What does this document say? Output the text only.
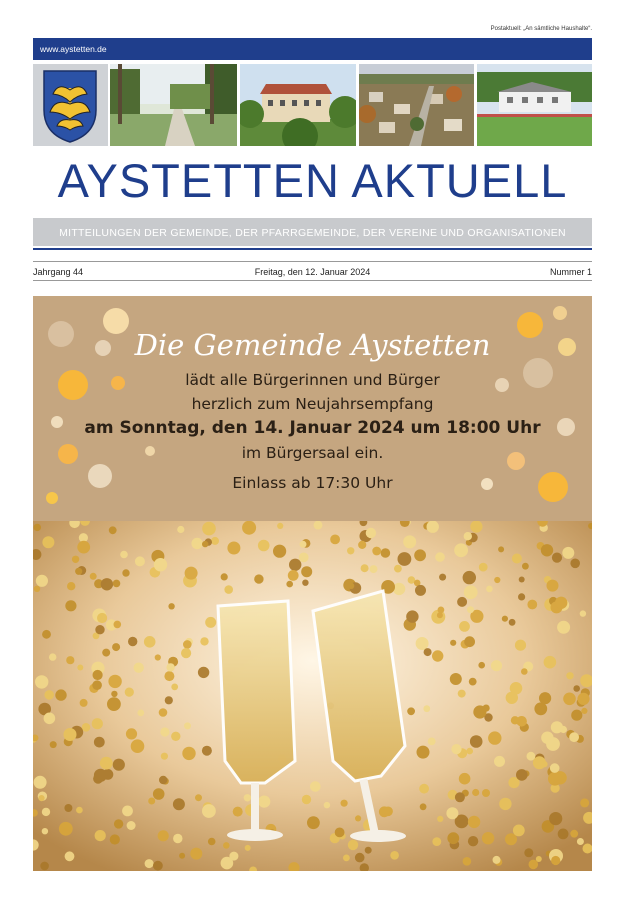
Postaktuell: „An sämtliche Haushalte“.
www.aystetten.de
AYSTETTEN AKTUELL
MITTEILUNGEN DER GEMEINDE, DER PFARRGEMEINDE, DER VEREINE UND ORGANISATIONEN
Jahrgang 44	Freitag, den 12. Januar 2024	Nummer 1
Die Gemeinde Aystetten
lädt alle Bürgerinnen und Bürger
herzlich zum Neujahrsempfang
am Sonntag, den 14. Januar 2024 um 18:00 Uhr
im Bürgersaal ein.
Einlass ab 17:30 Uhr
